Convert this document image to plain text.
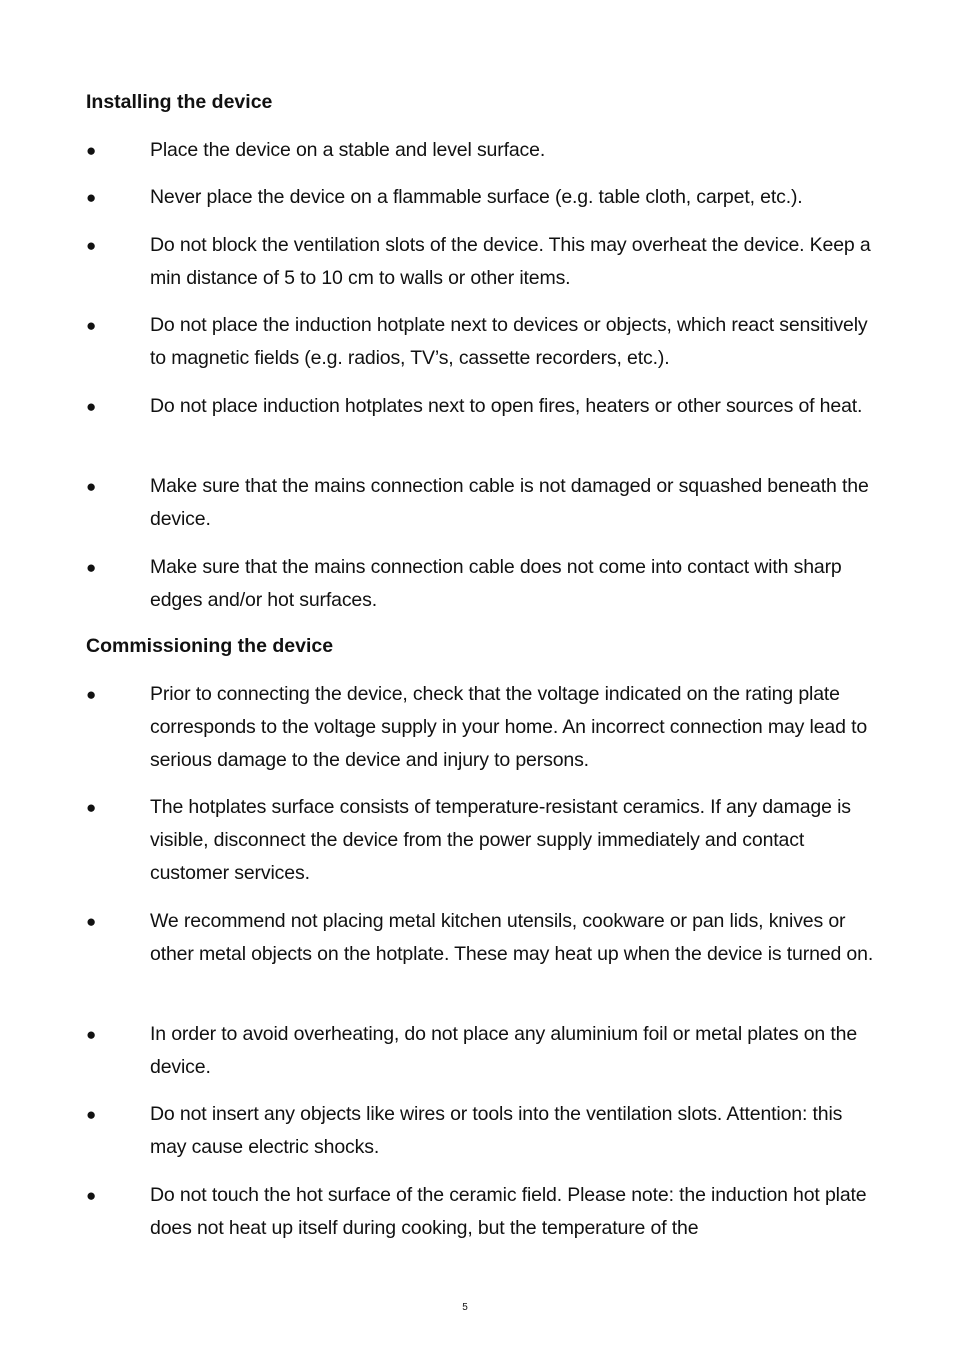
Installing the device
●	Place the device on a stable and level surface.
●	Never place the device on a flammable surface (e.g. table cloth, carpet, etc.).
●	Do not block the ventilation slots of the device. This may overheat the device. Keep a min distance of 5 to 10 cm to walls or other items.
●	Do not place the induction hotplate next to devices or objects, which react sensitively to magnetic fields (e.g. radios, TV’s, cassette recorders, etc.).
●	Do not place induction hotplates next to open fires, heaters or other sources of heat.
●	Make sure that the mains connection cable is not damaged or squashed beneath the device.
●	Make sure that the mains connection cable does not come into contact with sharp edges and/or hot surfaces.
Commissioning the device
●	Prior to connecting the device, check that the voltage indicated on the rating plate corresponds to the voltage supply in your home. An incorrect connection may lead to serious damage to the device and injury to persons.
●	The hotplates surface consists of temperature-resistant ceramics. If any damage is visible, disconnect the device from the power supply immediately and contact customer services.
●	We recommend not placing metal kitchen utensils, cookware or pan lids, knives or other metal objects on the hotplate. These may heat up when the device is turned on.
●	In order to avoid overheating, do not place any aluminium foil or metal plates on the device.
●	Do not insert any objects like wires or tools into the ventilation slots. Attention: this may cause electric shocks.
●	Do not touch the hot surface of the ceramic field. Please note: the induction hot plate does not heat up itself during cooking, but the temperature of the
5
